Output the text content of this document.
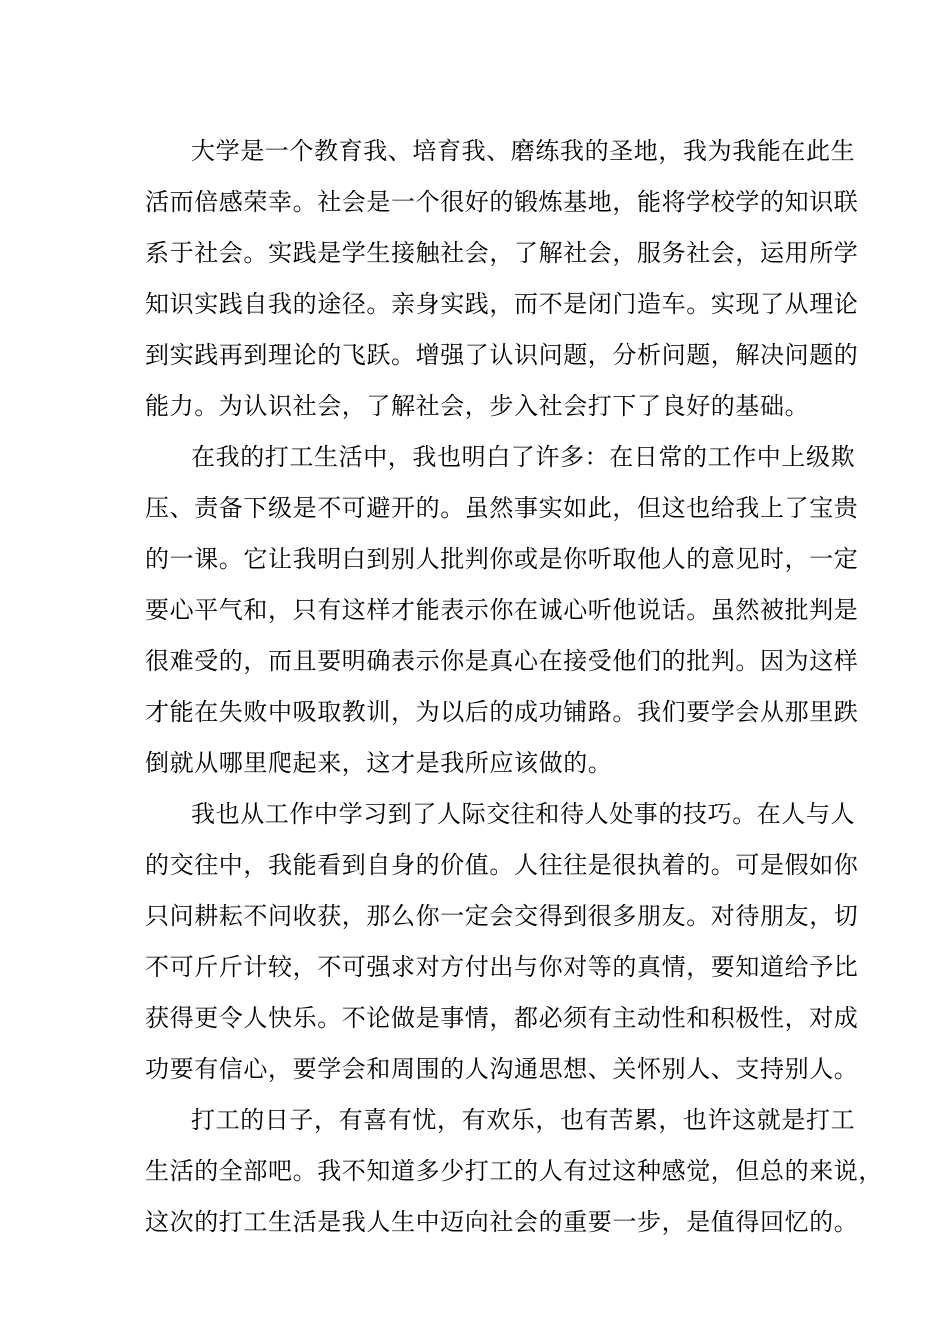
大学是一个教育我、培育我、磨练我的圣地，我为我能在此生
活而倍感荣幸。社会是一个很好的锻炼基地，能将学校学的知识联
系于社会。实践是学生接触社会，了解社会，服务社会，运用所学
知识实践自我的途径。亲身实践，而不是闭门造车。实现了从理论
到实践再到理论的飞跃。增强了认识问题，分析问题，解决问题的
能力。为认识社会，了解社会，步入社会打下了良好的基础。
在我的打工生活中，我也明白了许多：在日常的工作中上级欺
压、责备下级是不可避开的。虽然事实如此，但这也给我上了宝贵
的一课。它让我明白到别人批判你或是你听取他人的意见时，一定
要心平气和，只有这样才能表示你在诚心听他说话。虽然被批判是
很难受的，而且要明确表示你是真心在接受他们的批判。因为这样
才能在失败中吸取教训，为以后的成功铺路。我们要学会从那里跌
倒就从哪里爬起来，这才是我所应该做的。
我也从工作中学习到了人际交往和待人处事的技巧。在人与人
的交往中，我能看到自身的价值。人往往是很执着的。可是假如你
只问耕耘不问收获，那么你一定会交得到很多朋友。对待朋友，切
不可斤斤计较，不可强求对方付出与你对等的真情，要知道给予比
获得更令人快乐。不论做是事情，都必须有主动性和积极性，对成
功要有信心，要学会和周围的人沟通思想、关怀别人、支持别人。
打工的日子，有喜有忧，有欢乐，也有苦累，也许这就是打工
生活的全部吧。我不知道多少打工的人有过这种感觉，但总的来说，
这次的打工生活是我人生中迈向社会的重要一步，是值得回忆的。
